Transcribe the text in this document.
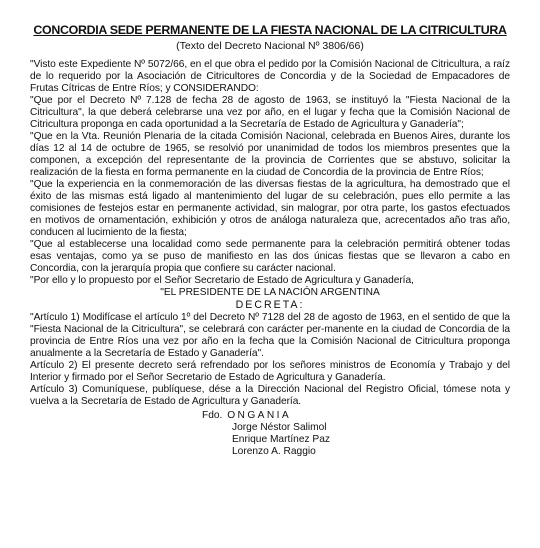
CONCORDIA SEDE PERMANENTE DE LA FIESTA NACIONAL DE LA CITRICULTURA
(Texto del Decreto Nacional Nº 3806/66)

"Visto este Expediente Nº 5072/66, en el que obra el pedido por la Comisión Nacional de Citricultura, a raíz de lo requerido por la Asociación de Citricultores de Concordia y de la Sociedad de Empacadores de Frutas Cítricas de Entre Ríos; y CONSIDERANDO:

"Que por el Decreto Nº 7.128 de fecha 28 de agosto de 1963, se instituyó la "Fiesta Nacional de la Citricultura", la que deberá celebrarse una vez por año, en el lugar y fecha que la Comisión Nacional de Citricultura proponga en cada oportunidad a la Secretaría de Estado de Agricultura y Ganadería";

"Que en la Vta. Reunión Plenaria de la citada Comisión Nacional, celebrada en Buenos Aires, durante los días 12 al 14 de octubre de 1965, se resolvió por unanimidad de todos los miembros presentes que la componen, a excepción del representante de la provincia de Corrientes que se abstuvo, solicitar la realización de la fiesta en forma permanente en la ciudad de Concordia de la provincia de Entre Ríos;

"Que la experiencia en la conmemoración de las diversas fiestas de la agricultura, ha demostrado que el éxito de las mismas está ligado al mantenimiento del lugar de su celebración, pues ello permite a las comisiones de festejos estar en permanente actividad, sin malograr, por otra parte, los gastos efectuados en motivos de ornamentación, exhibición y otros de análoga naturaleza que, acrecentados año tras año, conducen al lucimiento de la fiesta;

"Que al establecerse una localidad como sede permanente para la celebración permitirá obtener todas esas ventajas, como ya se puso de manifiesto en las dos únicas fiestas que se llevaron a cabo en Concordia, con la jerarquía propia que confiere su carácter nacional.

"Por ello y lo propuesto por el Señor Secretario de Estado de Agricultura y Ganadería,

"EL PRESIDENTE DE LA NACIÓN ARGENTINA

DECRETA:

"Artículo 1) Modifícase el artículo 1º del Decreto Nº 7128 del 28 de agosto de 1963, en el sentido de que la "Fiesta Nacional de la Citricultura", se celebrará con carácter per-manente en la ciudad de Concordia de la provincia de Entre Ríos una vez por año en la fecha que la Comisión Nacional de Citricultura proponga anualmente a la Secretaría de Estado y Ganadería".

Artículo 2) El presente decreto será refrendado por los señores ministros de Economía y Trabajo y del Interior y firmado por el Señor Secretario de Estado de Agricultura y Ganadería.

Artículo 3) Comuníquese, publíquese, dése a la Dirección Nacional del Registro Oficial, tómese nota y vuelva a la Secretaría de Estado de Agricultura y Ganadería.

Fdo. ONGANIA
Jorge Néstor Salimol
Enrique Martínez Paz
Lorenzo A. Raggio
